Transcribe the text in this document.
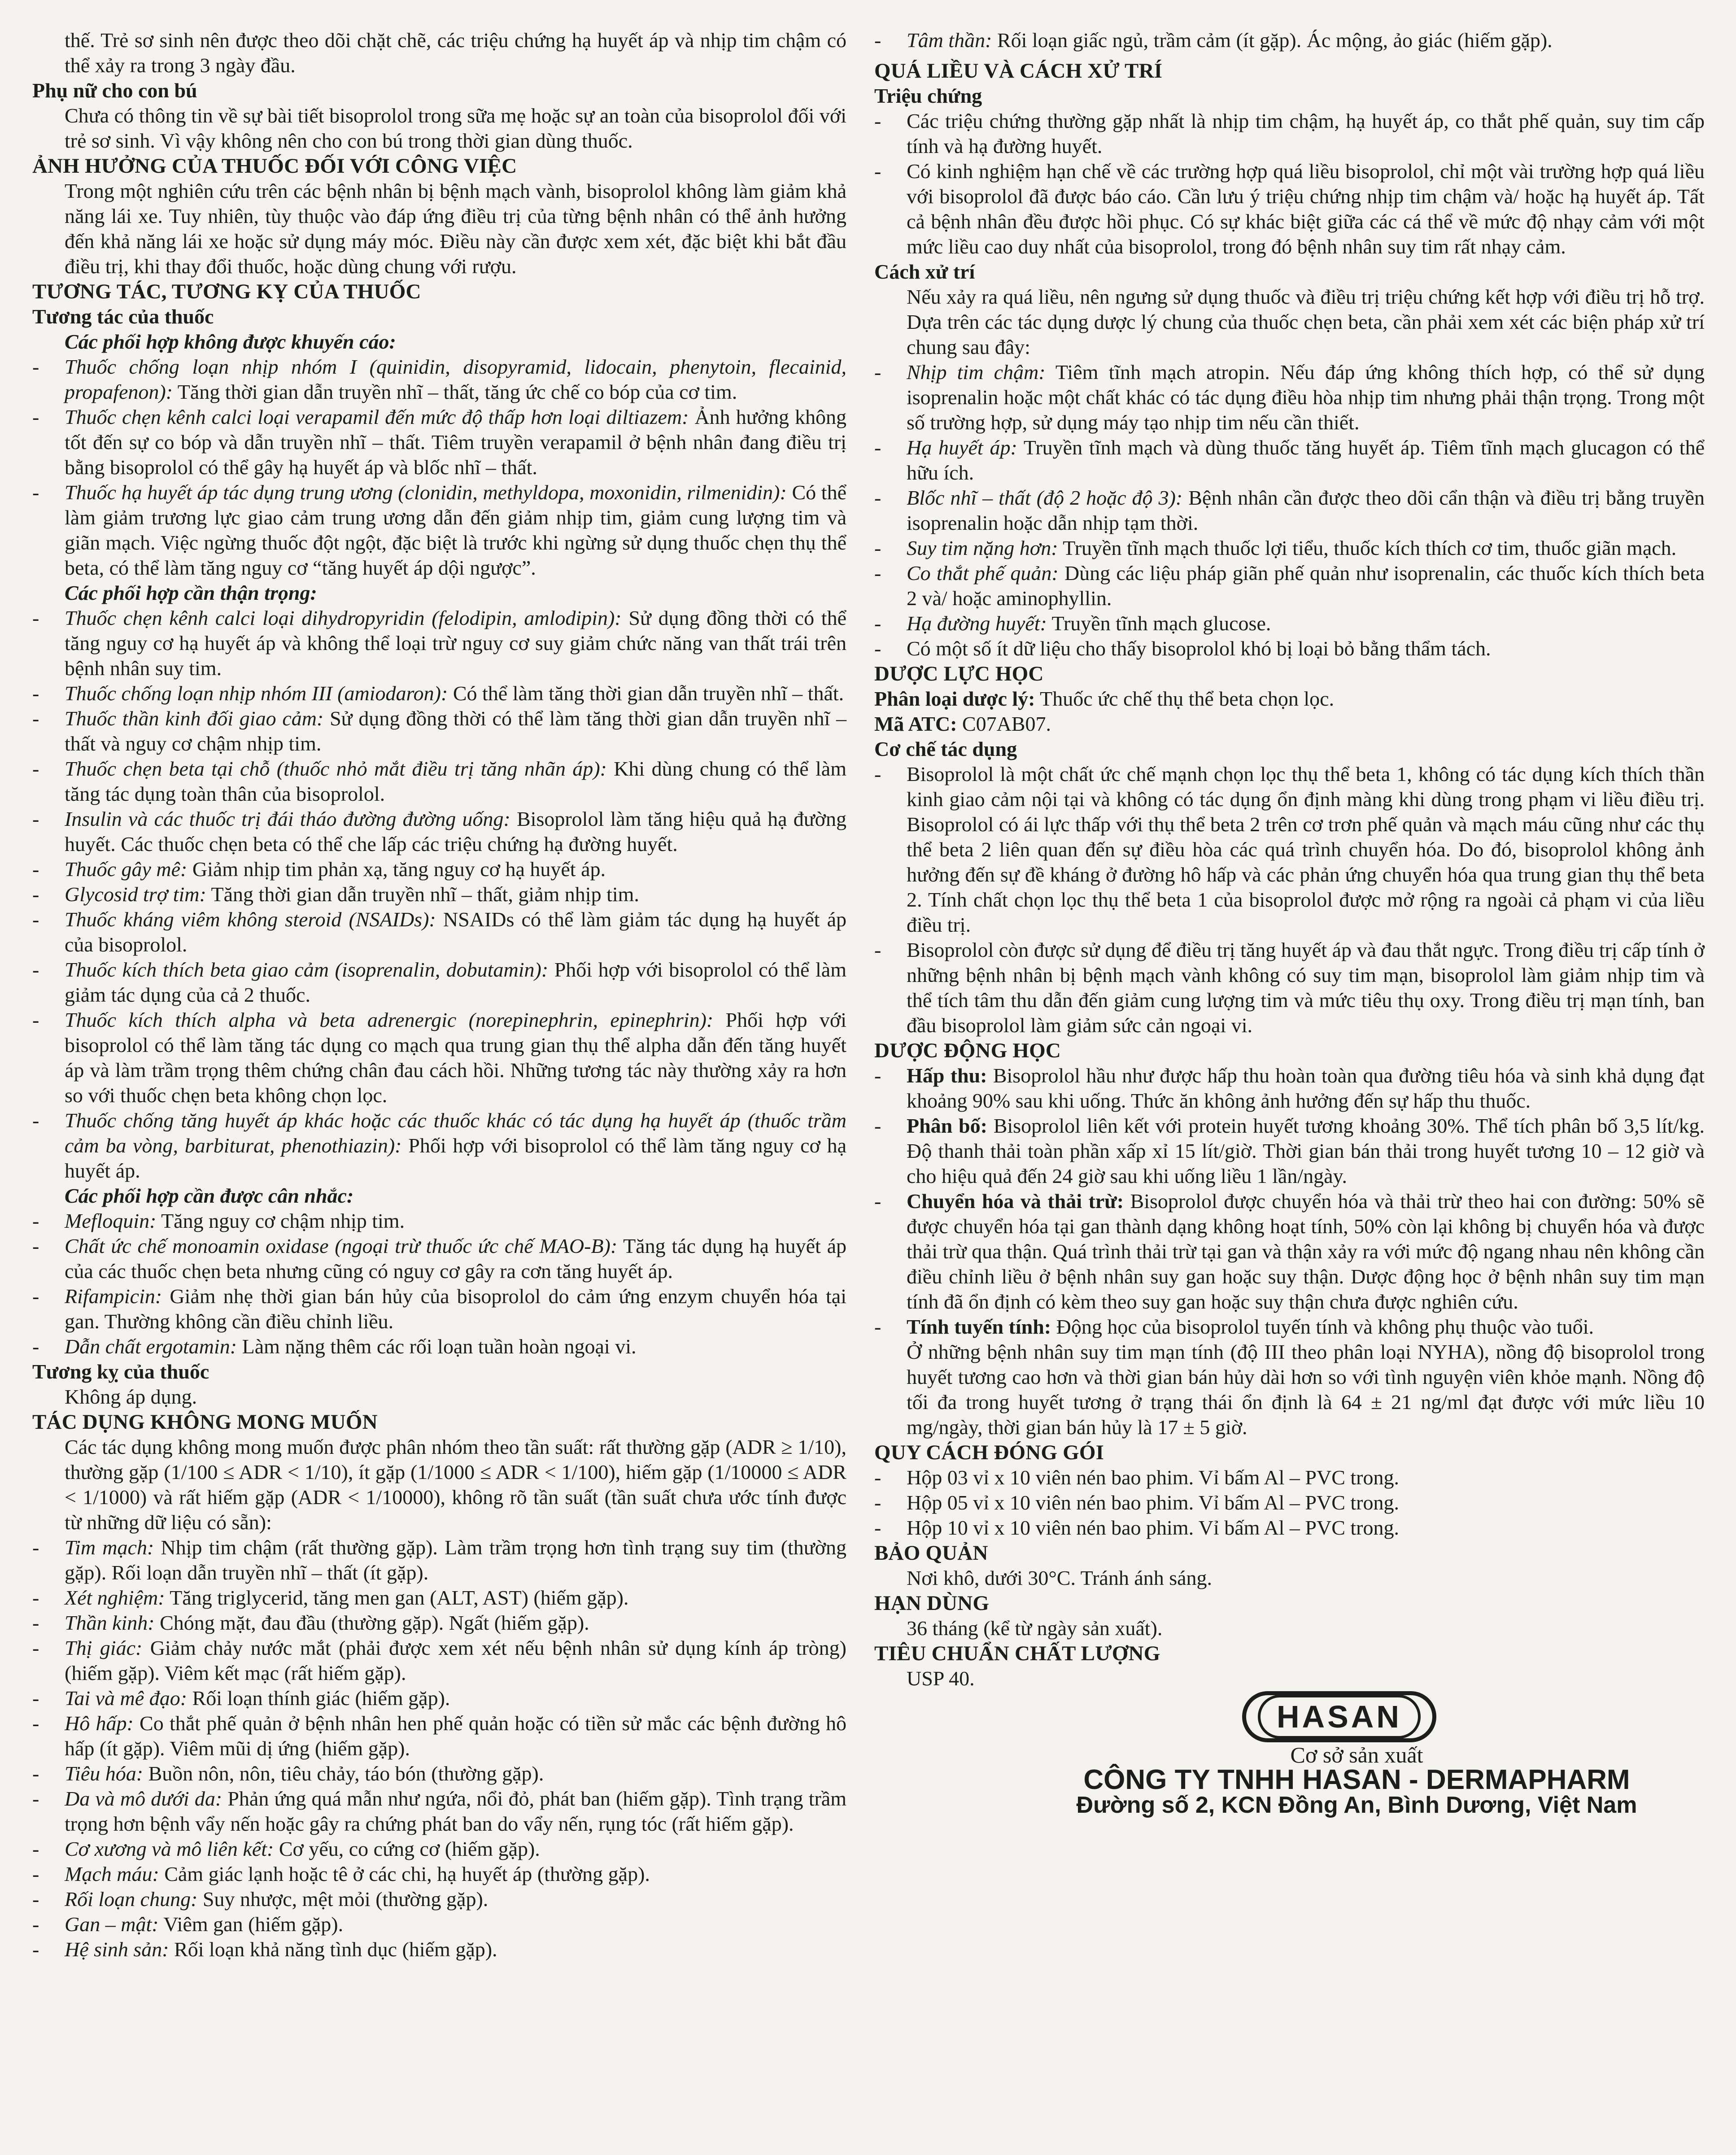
thế. Trẻ sơ sinh nên được theo dõi chặt chẽ, các triệu chứng hạ huyết áp và nhịp tim chậm có thể xảy ra trong 3 ngày đầu.

Phụ nữ cho con bú

Chưa có thông tin về sự bài tiết bisoprolol trong sữa mẹ hoặc sự an toàn của bisoprolol đối với trẻ sơ sinh. Vì vậy không nên cho con bú trong thời gian dùng thuốc.

ẢNH HƯỞNG CỦA THUỐC ĐỐI VỚI CÔNG VIỆC

Trong một nghiên cứu trên các bệnh nhân bị bệnh mạch vành, bisoprolol không làm giảm khả năng lái xe. Tuy nhiên, tùy thuộc vào đáp ứng điều trị của từng bệnh nhân có thể ảnh hưởng đến khả năng lái xe hoặc sử dụng máy móc. Điều này cần được xem xét, đặc biệt khi bắt đầu điều trị, khi thay đổi thuốc, hoặc dùng chung với rượu.

TƯƠNG TÁC, TƯƠNG KỴ CỦA THUỐC
Tương tác của thuốc
Các phối hợp không được khuyến cáo:
- Thuốc chống loạn nhịp nhóm I (quinidin, disopyramid, lidocain, phenytoin, flecainid, propafenon): Tăng thời gian dẫn truyền nhĩ – thất, tăng ức chế co bóp của cơ tim.
- Thuốc chẹn kênh calci loại verapamil đến mức độ thấp hơn loại diltiazem: Ảnh hưởng không tốt đến sự co bóp và dẫn truyền nhĩ – thất. Tiêm truyền verapamil ở bệnh nhân đang điều trị bằng bisoprolol có thể gây hạ huyết áp và blốc nhĩ – thất.
- Thuốc hạ huyết áp tác dụng trung ương (clonidin, methyldopa, moxonidin, rilmenidin): Có thể làm giảm trương lực giao cảm trung ương dẫn đến giảm nhịp tim, giảm cung lượng tim và giãn mạch. Việc ngừng thuốc đột ngột, đặc biệt là trước khi ngừng sử dụng thuốc chẹn thụ thể beta, có thể làm tăng nguy cơ “tăng huyết áp dội ngược”.
Các phối hợp cần thận trọng:
- Thuốc chẹn kênh calci loại dihydropyridin (felodipin, amlodipin): Sử dụng đồng thời có thể tăng nguy cơ hạ huyết áp và không thể loại trừ nguy cơ suy giảm chức năng van thất trái trên bệnh nhân suy tim.
- Thuốc chống loạn nhịp nhóm III (amiodaron): Có thể làm tăng thời gian dẫn truyền nhĩ – thất.
- Thuốc thần kinh đối giao cảm: Sử dụng đồng thời có thể làm tăng thời gian dẫn truyền nhĩ – thất và nguy cơ chậm nhịp tim.
- Thuốc chẹn beta tại chỗ (thuốc nhỏ mắt điều trị tăng nhãn áp): Khi dùng chung có thể làm tăng tác dụng toàn thân của bisoprolol.
- Insulin và các thuốc trị đái tháo đường đường uống: Bisoprolol làm tăng hiệu quả hạ đường huyết. Các thuốc chẹn beta có thể che lấp các triệu chứng hạ đường huyết.
- Thuốc gây mê: Giảm nhịp tim phản xạ, tăng nguy cơ hạ huyết áp.
- Glycosid trợ tim: Tăng thời gian dẫn truyền nhĩ – thất, giảm nhịp tim.
- Thuốc kháng viêm không steroid (NSAIDs): NSAIDs có thể làm giảm tác dụng hạ huyết áp của bisoprolol.
- Thuốc kích thích beta giao cảm (isoprenalin, dobutamin): Phối hợp với bisoprolol có thể làm giảm tác dụng của cả 2 thuốc.
- Thuốc kích thích alpha và beta adrenergic (norepinephrin, epinephrin): Phối hợp với bisoprolol có thể làm tăng tác dụng co mạch qua trung gian thụ thể alpha dẫn đến tăng huyết áp và làm trầm trọng thêm chứng chân đau cách hồi. Những tương tác này thường xảy ra hơn so với thuốc chẹn beta không chọn lọc.
- Thuốc chống tăng huyết áp khác hoặc các thuốc khác có tác dụng hạ huyết áp (thuốc trầm cảm ba vòng, barbiturat, phenothiazin): Phối hợp với bisoprolol có thể làm tăng nguy cơ hạ huyết áp.
Các phối hợp cần được cân nhắc:
- Mefloquin: Tăng nguy cơ chậm nhịp tim.
- Chất ức chế monoamin oxidase (ngoại trừ thuốc ức chế MAO-B): Tăng tác dụng hạ huyết áp của các thuốc chẹn beta nhưng cũng có nguy cơ gây ra cơn tăng huyết áp.
- Rifampicin: Giảm nhẹ thời gian bán hủy của bisoprolol do cảm ứng enzym chuyển hóa tại gan. Thường không cần điều chỉnh liều.
- Dẫn chất ergotamin: Làm nặng thêm các rối loạn tuần hoàn ngoại vi.
Tương kỵ của thuốc

Không áp dụng.

TÁC DỤNG KHÔNG MONG MUỐN

Các tác dụng không mong muốn được phân nhóm theo tần suất: rất thường gặp (ADR ≥ 1/10), thường gặp (1/100 ≤ ADR < 1/10), ít gặp (1/1000 ≤ ADR < 1/100), hiếm gặp (1/10000 ≤ ADR < 1/1000) và rất hiếm gặp (ADR < 1/10000), không rõ tần suất (tần suất chưa ước tính được từ những dữ liệu có sẵn):

- Tim mạch: Nhịp tim chậm (rất thường gặp). Làm trầm trọng hơn tình trạng suy tim (thường gặp). Rối loạn dẫn truyền nhĩ – thất (ít gặp).
- Xét nghiệm: Tăng triglycerid, tăng men gan (ALT, AST) (hiếm gặp).
- Thần kinh: Chóng mặt, đau đầu (thường gặp). Ngất (hiếm gặp).
- Thị giác: Giảm chảy nước mắt (phải được xem xét nếu bệnh nhân sử dụng kính áp tròng) (hiếm gặp). Viêm kết mạc (rất hiếm gặp).
- Tai và mê đạo: Rối loạn thính giác (hiếm gặp).
- Hô hấp: Co thắt phế quản ở bệnh nhân hen phế quản hoặc có tiền sử mắc các bệnh đường hô hấp (ít gặp). Viêm mũi dị ứng (hiếm gặp).
- Tiêu hóa: Buồn nôn, nôn, tiêu chảy, táo bón (thường gặp).
- Da và mô dưới da: Phản ứng quá mẫn như ngứa, nổi đỏ, phát ban (hiếm gặp). Tình trạng trầm trọng hơn bệnh vẩy nến hoặc gây ra chứng phát ban do vẩy nến, rụng tóc (rất hiếm gặp).
- Cơ xương và mô liên kết: Cơ yếu, co cứng cơ (hiếm gặp).
- Mạch máu: Cảm giác lạnh hoặc tê ở các chi, hạ huyết áp (thường gặp).
- Rối loạn chung: Suy nhược, mệt mỏi (thường gặp).
- Gan – mật: Viêm gan (hiếm gặp).
- Hệ sinh sản: Rối loạn khả năng tình dục (hiếm gặp).
- Tâm thần: Rối loạn giấc ngủ, trầm cảm (ít gặp). Ác mộng, ảo giác (hiếm gặp).
QUÁ LIỀU VÀ CÁCH XỬ TRÍ
Triệu chứng
- Các triệu chứng thường gặp nhất là nhịp tim chậm, hạ huyết áp, co thắt phế quản, suy tim cấp tính và hạ đường huyết.
- Có kinh nghiệm hạn chế về các trường hợp quá liều bisoprolol, chỉ một vài trường hợp quá liều với bisoprolol đã được báo cáo. Cần lưu ý triệu chứng nhịp tim chậm và/ hoặc hạ huyết áp. Tất cả bệnh nhân đều được hồi phục. Có sự khác biệt giữa các cá thể về mức độ nhạy cảm với một mức liều cao duy nhất của bisoprolol, trong đó bệnh nhân suy tim rất nhạy cảm.
Cách xử trí

Nếu xảy ra quá liều, nên ngưng sử dụng thuốc và điều trị triệu chứng kết hợp với điều trị hỗ trợ. Dựa trên các tác dụng dược lý chung của thuốc chẹn beta, cần phải xem xét các biện pháp xử trí chung sau đây:

- Nhịp tim chậm: Tiêm tĩnh mạch atropin. Nếu đáp ứng không thích hợp, có thể sử dụng isoprenalin hoặc một chất khác có tác dụng điều hòa nhịp tim nhưng phải thận trọng. Trong một số trường hợp, sử dụng máy tạo nhịp tim nếu cần thiết.
- Hạ huyết áp: Truyền tĩnh mạch và dùng thuốc tăng huyết áp. Tiêm tĩnh mạch glucagon có thể hữu ích.
- Blốc nhĩ – thất (độ 2 hoặc độ 3): Bệnh nhân cần được theo dõi cẩn thận và điều trị bằng truyền isoprenalin hoặc dẫn nhịp tạm thời.
- Suy tim nặng hơn: Truyền tĩnh mạch thuốc lợi tiểu, thuốc kích thích cơ tim, thuốc giãn mạch.
- Co thắt phế quản: Dùng các liệu pháp giãn phế quản như isoprenalin, các thuốc kích thích beta 2 và/ hoặc aminophyllin.
- Hạ đường huyết: Truyền tĩnh mạch glucose.
- Có một số ít dữ liệu cho thấy bisoprolol khó bị loại bỏ bằng thẩm tách.
DƯỢC LỰC HỌC
Phân loại dược lý: Thuốc ức chế thụ thể beta chọn lọc.
Mã ATC: C07AB07.
Cơ chế tác dụng
- Bisoprolol là một chất ức chế mạnh chọn lọc thụ thể beta 1, không có tác dụng kích thích thần kinh giao cảm nội tại và không có tác dụng ổn định màng khi dùng trong phạm vi liều điều trị. Bisoprolol có ái lực thấp với thụ thể beta 2 trên cơ trơn phế quản và mạch máu cũng như các thụ thể beta 2 liên quan đến sự điều hòa các quá trình chuyển hóa. Do đó, bisoprolol không ảnh hưởng đến sự đề kháng ở đường hô hấp và các phản ứng chuyển hóa qua trung gian thụ thể beta 2. Tính chất chọn lọc thụ thể beta 1 của bisoprolol được mở rộng ra ngoài cả phạm vi của liều điều trị.
- Bisoprolol còn được sử dụng để điều trị tăng huyết áp và đau thắt ngực. Trong điều trị cấp tính ở những bệnh nhân bị bệnh mạch vành không có suy tim mạn, bisoprolol làm giảm nhịp tim và thể tích tâm thu dẫn đến giảm cung lượng tim và mức tiêu thụ oxy. Trong điều trị mạn tính, ban đầu bisoprolol làm giảm sức cản ngoại vi.
DƯỢC ĐỘNG HỌC
- Hấp thu: Bisoprolol hầu như được hấp thu hoàn toàn qua đường tiêu hóa và sinh khả dụng đạt khoảng 90% sau khi uống. Thức ăn không ảnh hưởng đến sự hấp thu thuốc.
- Phân bố: Bisoprolol liên kết với protein huyết tương khoảng 30%. Thể tích phân bố 3,5 lít/kg. Độ thanh thải toàn phần xấp xỉ 15 lít/giờ. Thời gian bán thải trong huyết tương 10 – 12 giờ và cho hiệu quả đến 24 giờ sau khi uống liều 1 lần/ngày.
- Chuyển hóa và thải trừ: Bisoprolol được chuyển hóa và thải trừ theo hai con đường: 50% sẽ được chuyển hóa tại gan thành dạng không hoạt tính, 50% còn lại không bị chuyển hóa và được thải trừ qua thận. Quá trình thải trừ tại gan và thận xảy ra với mức độ ngang nhau nên không cần điều chỉnh liều ở bệnh nhân suy gan hoặc suy thận. Dược động học ở bệnh nhân suy tim mạn tính đã ổn định có kèm theo suy gan hoặc suy thận chưa được nghiên cứu.
- Tính tuyến tính: Động học của bisoprolol tuyến tính và không phụ thuộc vào tuổi.

Ở những bệnh nhân suy tim mạn tính (độ III theo phân loại NYHA), nồng độ bisoprolol trong huyết tương cao hơn và thời gian bán hủy dài hơn so với tình nguyện viên khỏe mạnh. Nồng độ tối đa trong huyết tương ở trạng thái ổn định là 64 ± 21 ng/ml đạt được với mức liều 10 mg/ngày, thời gian bán hủy là 17 ± 5 giờ.

QUY CÁCH ĐÓNG GÓI
- Hộp 03 vỉ x 10 viên nén bao phim. Vỉ bấm Al – PVC trong.
- Hộp 05 vỉ x 10 viên nén bao phim. Vỉ bấm Al – PVC trong.
- Hộp 10 vỉ x 10 viên nén bao phim. Vỉ bấm Al – PVC trong.
BẢO QUẢN

Nơi khô, dưới 30°C. Tránh ánh sáng.

HẠN DÙNG

36 tháng (kể từ ngày sản xuất).

TIÊU CHUẨN CHẤT LƯỢNG

USP 40.

HASAN
Cơ sở sản xuất
CÔNG TY TNHH HASAN - DERMAPHARM
Đường số 2, KCN Đồng An, Bình Dương, Việt Nam
